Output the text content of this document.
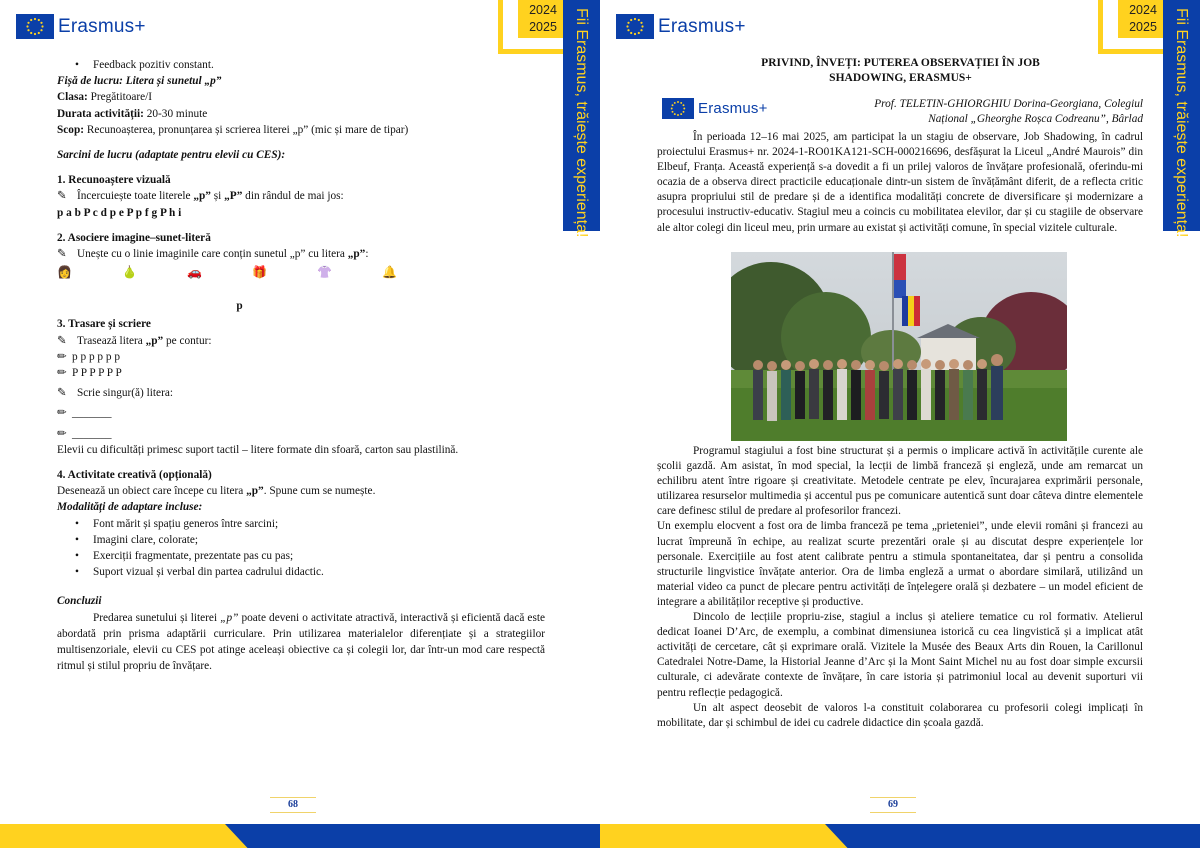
Erasmus+
2024
2025	Fii Erasmus, trăiește experiența!
• Feedback pozitiv constant.
Fișă de lucru: Litera și sunetul „p”
Clasa: Pregătitoare/I
Durata activității: 20-30 minute
Scop: Recunoașterea, pronunțarea și scrierea literei „p” (mic și mare de tipar)
Sarcini de lucru (adaptate pentru elevii cu CES):
1. Recunoaștere vizuală
✎ Încercuiește toate literele „p” și „P” din rândul de mai jos:
p a b P c d p e P p f g P h i
2. Asociere imagine–sunet-literă
✎ Unește cu o linie imaginile care conțin sunetul „p” cu litera „p”:
👩	🍐	🚗	🎁	👚	🔔
p
3. Trasare și scriere
✎ Trasează litera „p” pe contur:
✏ p p p p p p
✏ P P P P P P
✎ Scrie singur(ă) litera:
✏ _______
✏ _______
Elevii cu dificultăți primesc suport tactil – litere formate din sfoară, carton sau plastilină.
4. Activitate creativă (opțională)
Desenează un obiect care începe cu litera „p”. Spune cum se numește.
Modalități de adaptare incluse:
• Font mărit și spațiu generos între sarcini;
• Imagini clare, colorate;
• Exerciții fragmentate, prezentate pas cu pas;
• Suport vizual și verbal din partea cadrului didactic.
Concluzii
Predarea sunetului și literei „p” poate deveni o activitate atractivă, interactivă și eficientă dacă este abordată prin prisma adaptării curriculare. Prin utilizarea materialelor diferențiate și a strategiilor multisenzoriale, elevii cu CES pot atinge aceleași obiective ca și colegii lor, dar într-un mod care respectă ritmul și stilul propriu de învățare.
68
Erasmus+
2024
2025	Fii Erasmus, trăiește experiența!
PRIVIND, ÎNVEȚI: PUTEREA OBSERVAȚIEI ÎN JOB
SHADOWING, ERASMUS+
Erasmus+	Prof. TELETIN-GHIORGHIU Dorina-Georgiana, Colegiul
Național „Gheorghe Roșca Codreanu”, Bârlad
În perioada 12–16 mai 2025, am participat la un stagiu de observare, Job Shadowing, în cadrul proiectului Erasmus+ nr. 2024-1-RO01KA121-SCH-000216696, desfășurat la Liceul „André Maurois” din Elbeuf, Franța. Această experiență s-a dovedit a fi un prilej valoros de învățare profesională, oferindu-mi ocazia de a observa direct practicile educaționale dintr-un sistem de învățământ diferit, de a reflecta critic asupra propriului stil de predare și de a identifica modalități concrete de diversificare și modernizare a procesului instructiv-educativ. Stagiul meu a coincis cu mobilitatea elevilor, dar și cu stagiile de observare ale altor colegi din liceul meu, prin urmare au existat și activități comune, în special vizitele culturale.
Programul stagiului a fost bine structurat și a permis o implicare activă în activitățile curente ale școlii gazdă. Am asistat, în mod special, la lecții de limbă franceză și engleză, unde am remarcat un echilibru atent între rigoare și creativitate. Metodele centrate pe elev, încurajarea exprimării personale, utilizarea resurselor multimedia și accentul pus pe comunicare autentică sunt doar câteva dintre elementele care definesc stilul de predare al profesorilor francezi.
Un exemplu elocvent a fost ora de limba franceză pe tema „prieteniei”, unde elevii români și francezi au lucrat împreună în echipe, au realizat scurte prezentări orale și au discutat despre experiențele lor personale. Exercițiile au fost atent calibrate pentru a stimula spontaneitatea, dar și pentru a consolida structurile lingvistice învățate anterior. Ora de limba engleză a urmat o abordare similară, utilizând un material video ca punct de plecare pentru activități de înțelegere orală și dezbatere – un model eficient de integrare a abilităților receptive și productive.
Dincolo de lecțiile propriu-zise, stagiul a inclus și ateliere tematice cu rol formativ. Atelierul dedicat Ioanei D’Arc, de exemplu, a combinat dimensiunea istorică cu cea lingvistică și a implicat atât activități de cercetare, cât și exprimare orală. Vizitele la Musée des Beaux Arts din Rouen, la Carillonul Catedralei Notre-Dame, la Historial Jeanne d’Arc și la Mont Saint Michel nu au fost doar simple excursii culturale, ci adevărate contexte de învățare, în care istoria și patrimoniul local au devenit suporturi vii pentru reflecție pedagogică.
Un alt aspect deosebit de valoros l-a constituit colaborarea cu profesorii colegi implicați în mobilitate, dar și schimbul de idei cu cadrele didactice din școala gazdă.
69
